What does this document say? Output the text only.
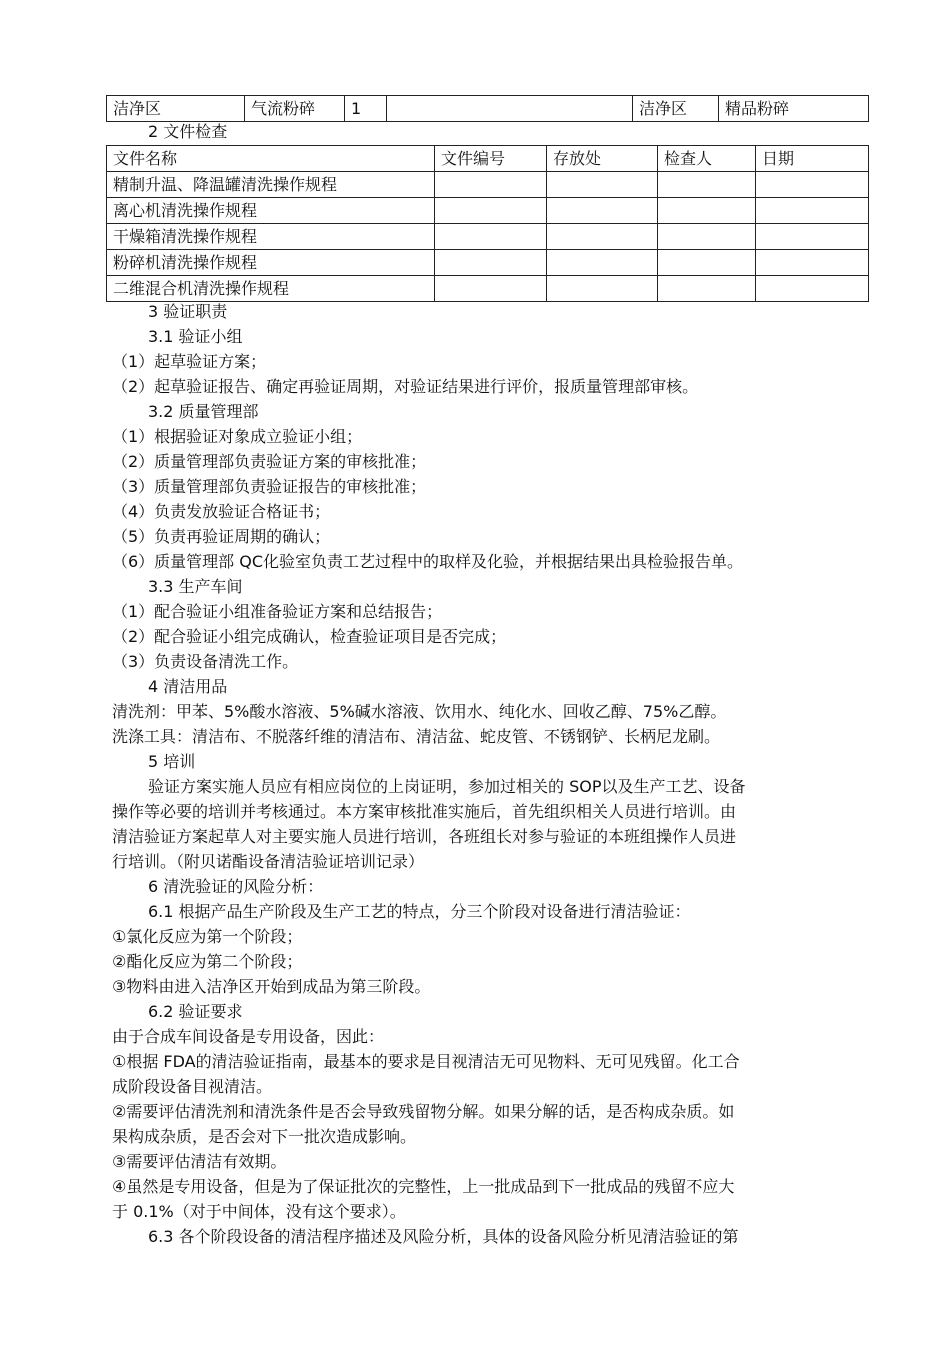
洁净区	气流粉碎	1		洁净区	精品粉碎
2 文件检查
文件名称	文件编号	存放处	检查人	日期
精制升温、降温罐清洗操作规程				
离心机清洗操作规程				
干燥箱清洗操作规程				
粉碎机清洗操作规程				
二维混合机清洗操作规程				
3 验证职责
3.1 验证小组
（1）起草验证方案；
（2）起草验证报告、确定再验证周期，对验证结果进行评价，报质量管理部审核。
3.2 质量管理部
（1）根据验证对象成立验证小组；
（2）质量管理部负责验证方案的审核批准；
（3）质量管理部负责验证报告的审核批准；
（4）负责发放验证合格证书；
（5）负责再验证周期的确认；
（6）质量管理部 QC化验室负责工艺过程中的取样及化验，并根据结果出具检验报告单。
3.3 生产车间
（1）配合验证小组准备验证方案和总结报告；
（2）配合验证小组完成确认，检查验证项目是否完成；
（3）负责设备清洗工作。
4 清洁用品
清洗剂：甲苯、5%酸水溶液、5%碱水溶液、饮用水、纯化水、回收乙醇、75%乙醇。
洗涤工具：清洁布、不脱落纤维的清洁布、清洁盆、蛇皮管、不锈钢铲、长柄尼龙刷。
5 培训
验证方案实施人员应有相应岗位的上岗证明，参加过相关的 SOP以及生产工艺、设备
操作等必要的培训并考核通过。本方案审核批准实施后，首先组织相关人员进行培训。由
清洁验证方案起草人对主要实施人员进行培训，各班组长对参与验证的本班组操作人员进
行培训。（附贝诺酯设备清洁验证培训记录）
6 清洗验证的风险分析：
6.1 根据产品生产阶段及生产工艺的特点，分三个阶段对设备进行清洁验证：
①氯化反应为第一个阶段；
②酯化反应为第二个阶段；
③物料由进入洁净区开始到成品为第三阶段。
6.2 验证要求
由于合成车间设备是专用设备，因此：
①根据 FDA的清洁验证指南，最基本的要求是目视清洁无可见物料、无可见残留。化工合
成阶段设备目视清洁。
②需要评估清洗剂和清洗条件是否会导致残留物分解。如果分解的话，是否构成杂质。如
果构成杂质，是否会对下一批次造成影响。
③需要评估清洁有效期。
④虽然是专用设备，但是为了保证批次的完整性，上一批成品到下一批成品的残留不应大
于 0.1%（对于中间体，没有这个要求）。
6.3 各个阶段设备的清洁程序描述及风险分析，具体的设备风险分析见清洁验证的第
